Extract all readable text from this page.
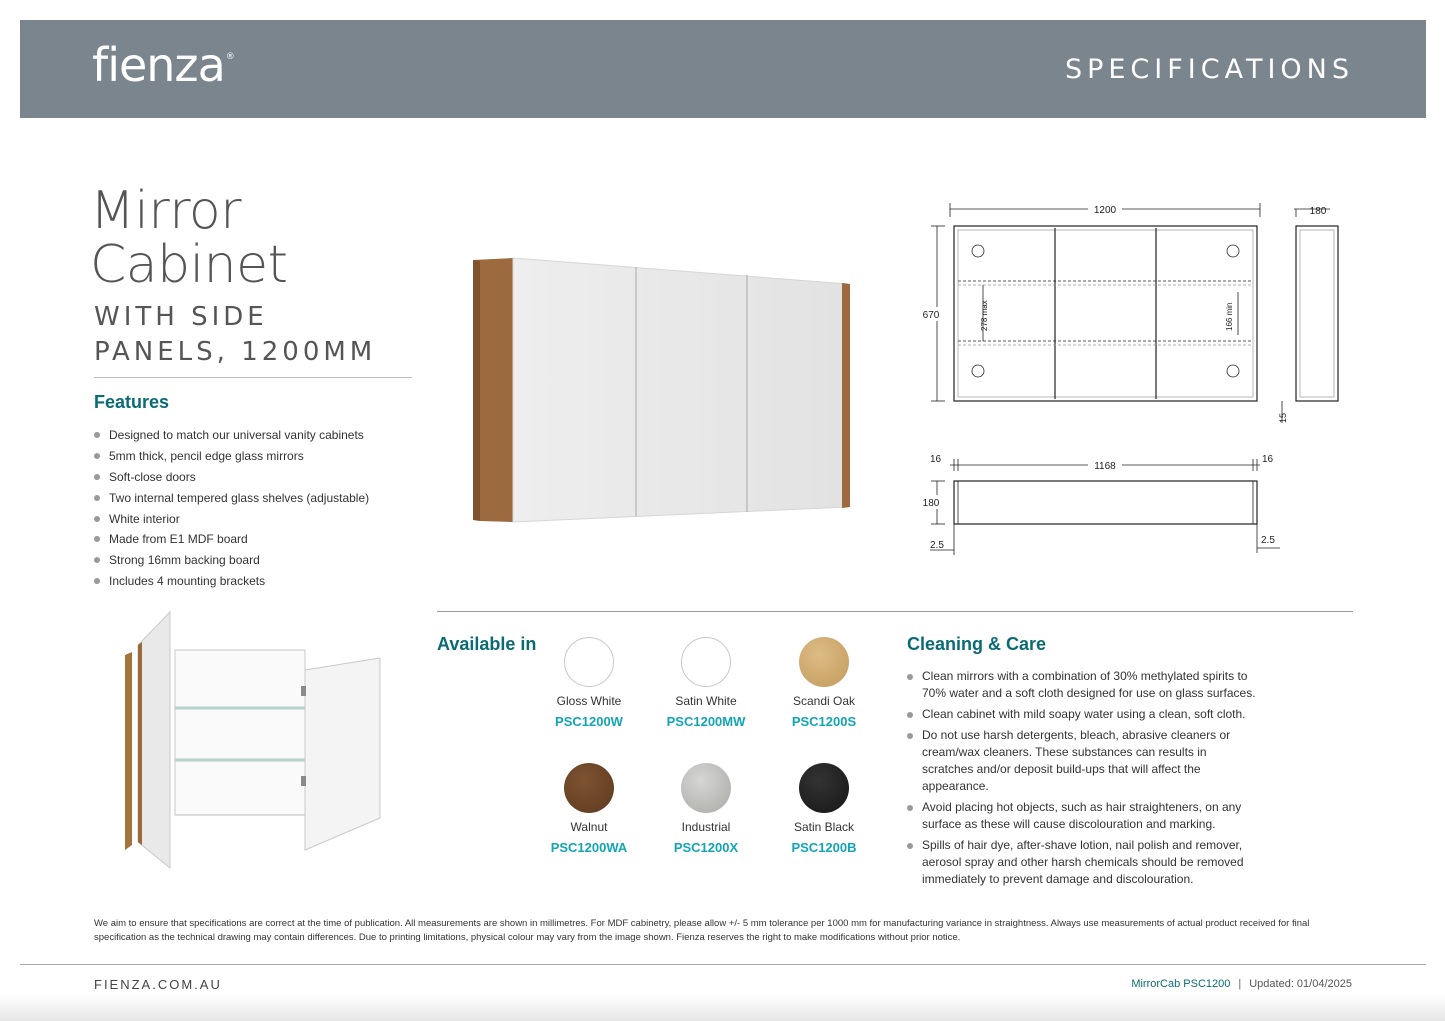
fienza®	SPECIFICATIONS
Mirror
Cabinet
WITH SIDE
PANELS, 1200MM
Features
Designed to match our universal vanity cabinets
5mm thick, pencil edge glass mirrors
Soft-close doors
Two internal tempered glass shelves (adjustable)
White interior
Made from E1 MDF board
Strong 16mm backing board
Includes 4 mounting brackets
1200	180
670	278 max	166 min
15
1168
16	16
180
2.5	2.5
Available in
Gloss White
PSC1200W
Satin White
PSC1200MW
Scandi Oak
PSC1200S
Walnut
PSC1200WA
Industrial
PSC1200X
Satin Black
PSC1200B
Cleaning & Care
Clean mirrors with a combination of 30% methylated spirits to 70% water and a soft cloth designed for use on glass surfaces.
Clean cabinet with mild soapy water using a clean, soft cloth.
Do not use harsh detergents, bleach, abrasive cleaners or cream/wax cleaners. These substances can results in scratches and/or deposit build-ups that will affect the appearance.
Avoid placing hot objects, such as hair straighteners, on any surface as these will cause discolouration and marking.
Spills of hair dye, after-shave lotion, nail polish and remover, aerosol spray and other harsh chemicals should be removed immediately to prevent damage and discolouration.
We aim to ensure that specifications are correct at the time of publication. All measurements are shown in millimetres. For MDF cabinetry, please allow +/- 5 mm tolerance per 1000 mm for manufacturing variance in straightness. Always use measurements of actual product received for final specification as the technical drawing may contain differences. Due to printing limitations, physical colour may vary from the image shown. Fienza reserves the right to make modifications without prior notice.
FIENZA.COM.AU	MirrorCab PSC1200 | Updated: 01/04/2025
